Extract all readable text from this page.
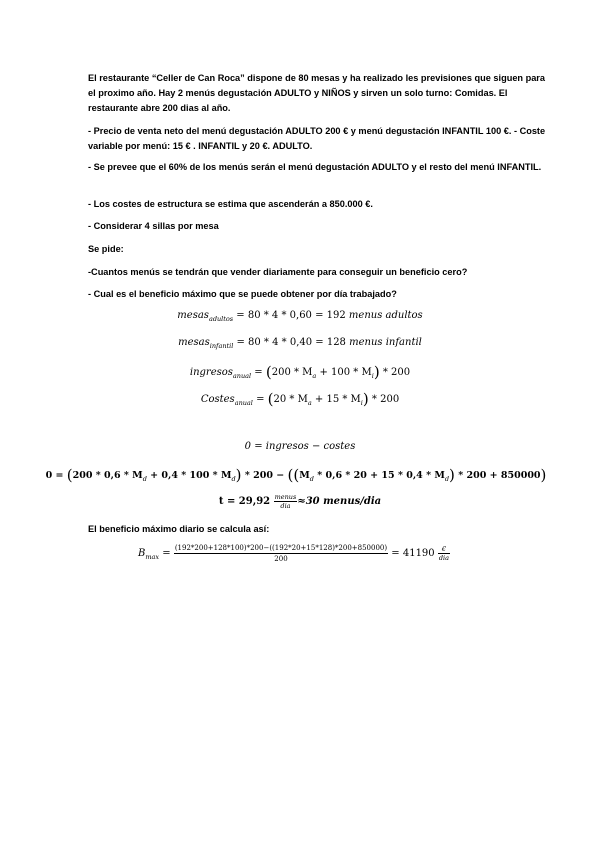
El restaurante “Celler de Can Roca” dispone de 80 mesas y ha realizado les previsiones que siguen para el proximo año. Hay 2 menús degustación ADULTO y NIÑOS y sirven un solo turno: Comidas. El restaurante abre 200 dias al año.

- Precio de venta neto del menú degustación ADULTO 200 € y menú degustación INFANTIL 100 €. - Coste variable por menú: 15 € . INFANTIL y 20 €. ADULTO.

- Se prevee que el 60% de los menús serán el menú degustación ADULTO y el resto del menú INFANTIL.

- Los costes de estructura se estima que ascenderán a 850.000 €.

- Considerar 4 sillas por mesa

Se pide:

-Cuantos menús se tendrán que vender diariamente para conseguir un beneficio cero?

- Cual es el beneficio máximo que se puede obtener por día trabajado?

mesas$_{adultos}$ = 80 * 4 * 0,60 = 192 menus adultos
mesas$_{infantil}$ = 80 * 4 * 0,40 = 128 menus infantil
ingresos$_{anual}$ = $(200 * M_a + 100 * M_i) * 200$
Costes$_{anual}$ = $(20 * M_a + 15 * M_i) * 200$
0 = ingresos − costes
$0 = (200 * 0,6 * M_d + 0,4 * 100 * M_d) * 200 - ((M_d * 0,6 * 20 + 15 * 0,4 * M_d) * 200 + 850000)$
$t = 29,92 \frac{\text{menus}}{\text{dia}} \approx 30$ menus/dia

El beneficio máximo diario se calcula así:

$B_{max} = \frac{(192*200+128*100)*200-((192*20+15*128)*200+850000)}{200} = 41190 \frac{€}{\text{dia}}$
